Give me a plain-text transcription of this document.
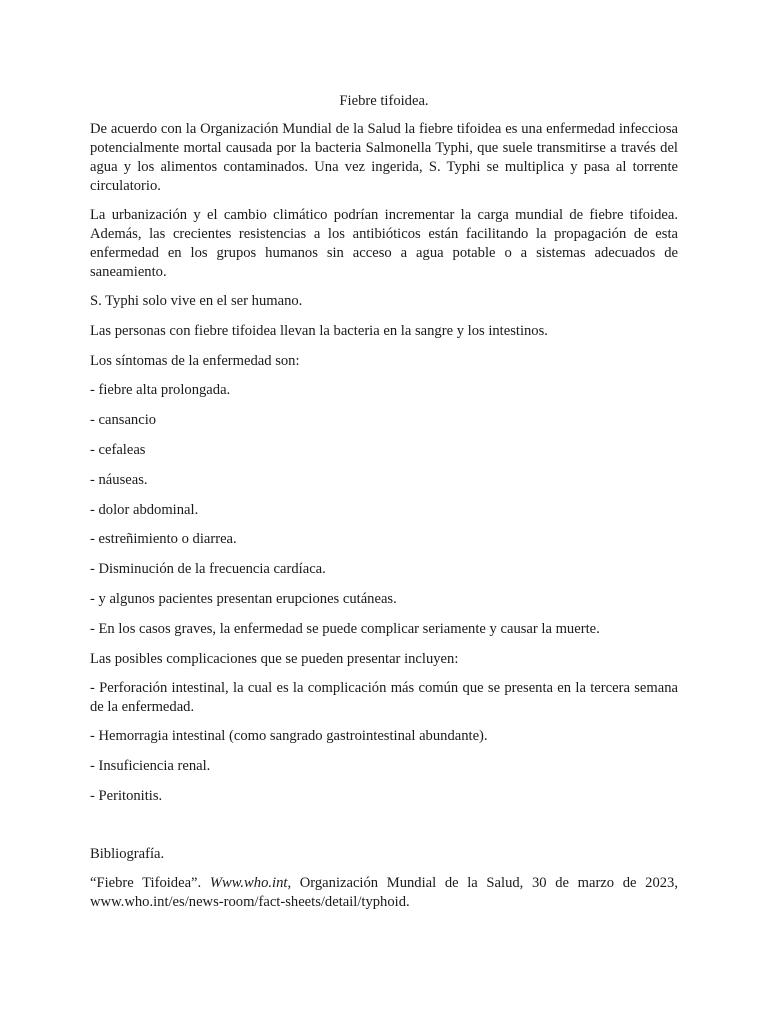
Fiebre tifoidea.

De acuerdo con la Organización Mundial de la Salud la fiebre tifoidea es una enfermedad infecciosa potencialmente mortal causada por la bacteria Salmonella Typhi, que suele transmitirse a través del agua y los alimentos contaminados. Una vez ingerida, S. Typhi se multiplica y pasa al torrente circulatorio.

La urbanización y el cambio climático podrían incrementar la carga mundial de fiebre tifoidea. Además, las crecientes resistencias a los antibióticos están facilitando la propagación de esta enfermedad en los grupos humanos sin acceso a agua potable o a sistemas adecuados de saneamiento.

S. Typhi solo vive en el ser humano.

Las personas con fiebre tifoidea llevan la bacteria en la sangre y los intestinos.

Los síntomas de la enfermedad son:

- fiebre alta prolongada.

- cansancio

- cefaleas

- náuseas.

- dolor abdominal.

- estreñimiento o diarrea.

- Disminución de la frecuencia cardíaca.

- y algunos pacientes presentan erupciones cutáneas.

- En los casos graves, la enfermedad se puede complicar seriamente y causar la muerte.

Las posibles complicaciones que se pueden presentar incluyen:

- Perforación intestinal, la cual es la complicación más común que se presenta en la tercera semana de la enfermedad.

- Hemorragia intestinal (como sangrado gastrointestinal abundante).

- Insuficiencia renal.

- Peritonitis.

Bibliografía.

“Fiebre Tifoidea”. Www.who.int, Organización Mundial de la Salud, 30 de marzo de 2023, www.who.int/es/news-room/fact-sheets/detail/typhoid.
